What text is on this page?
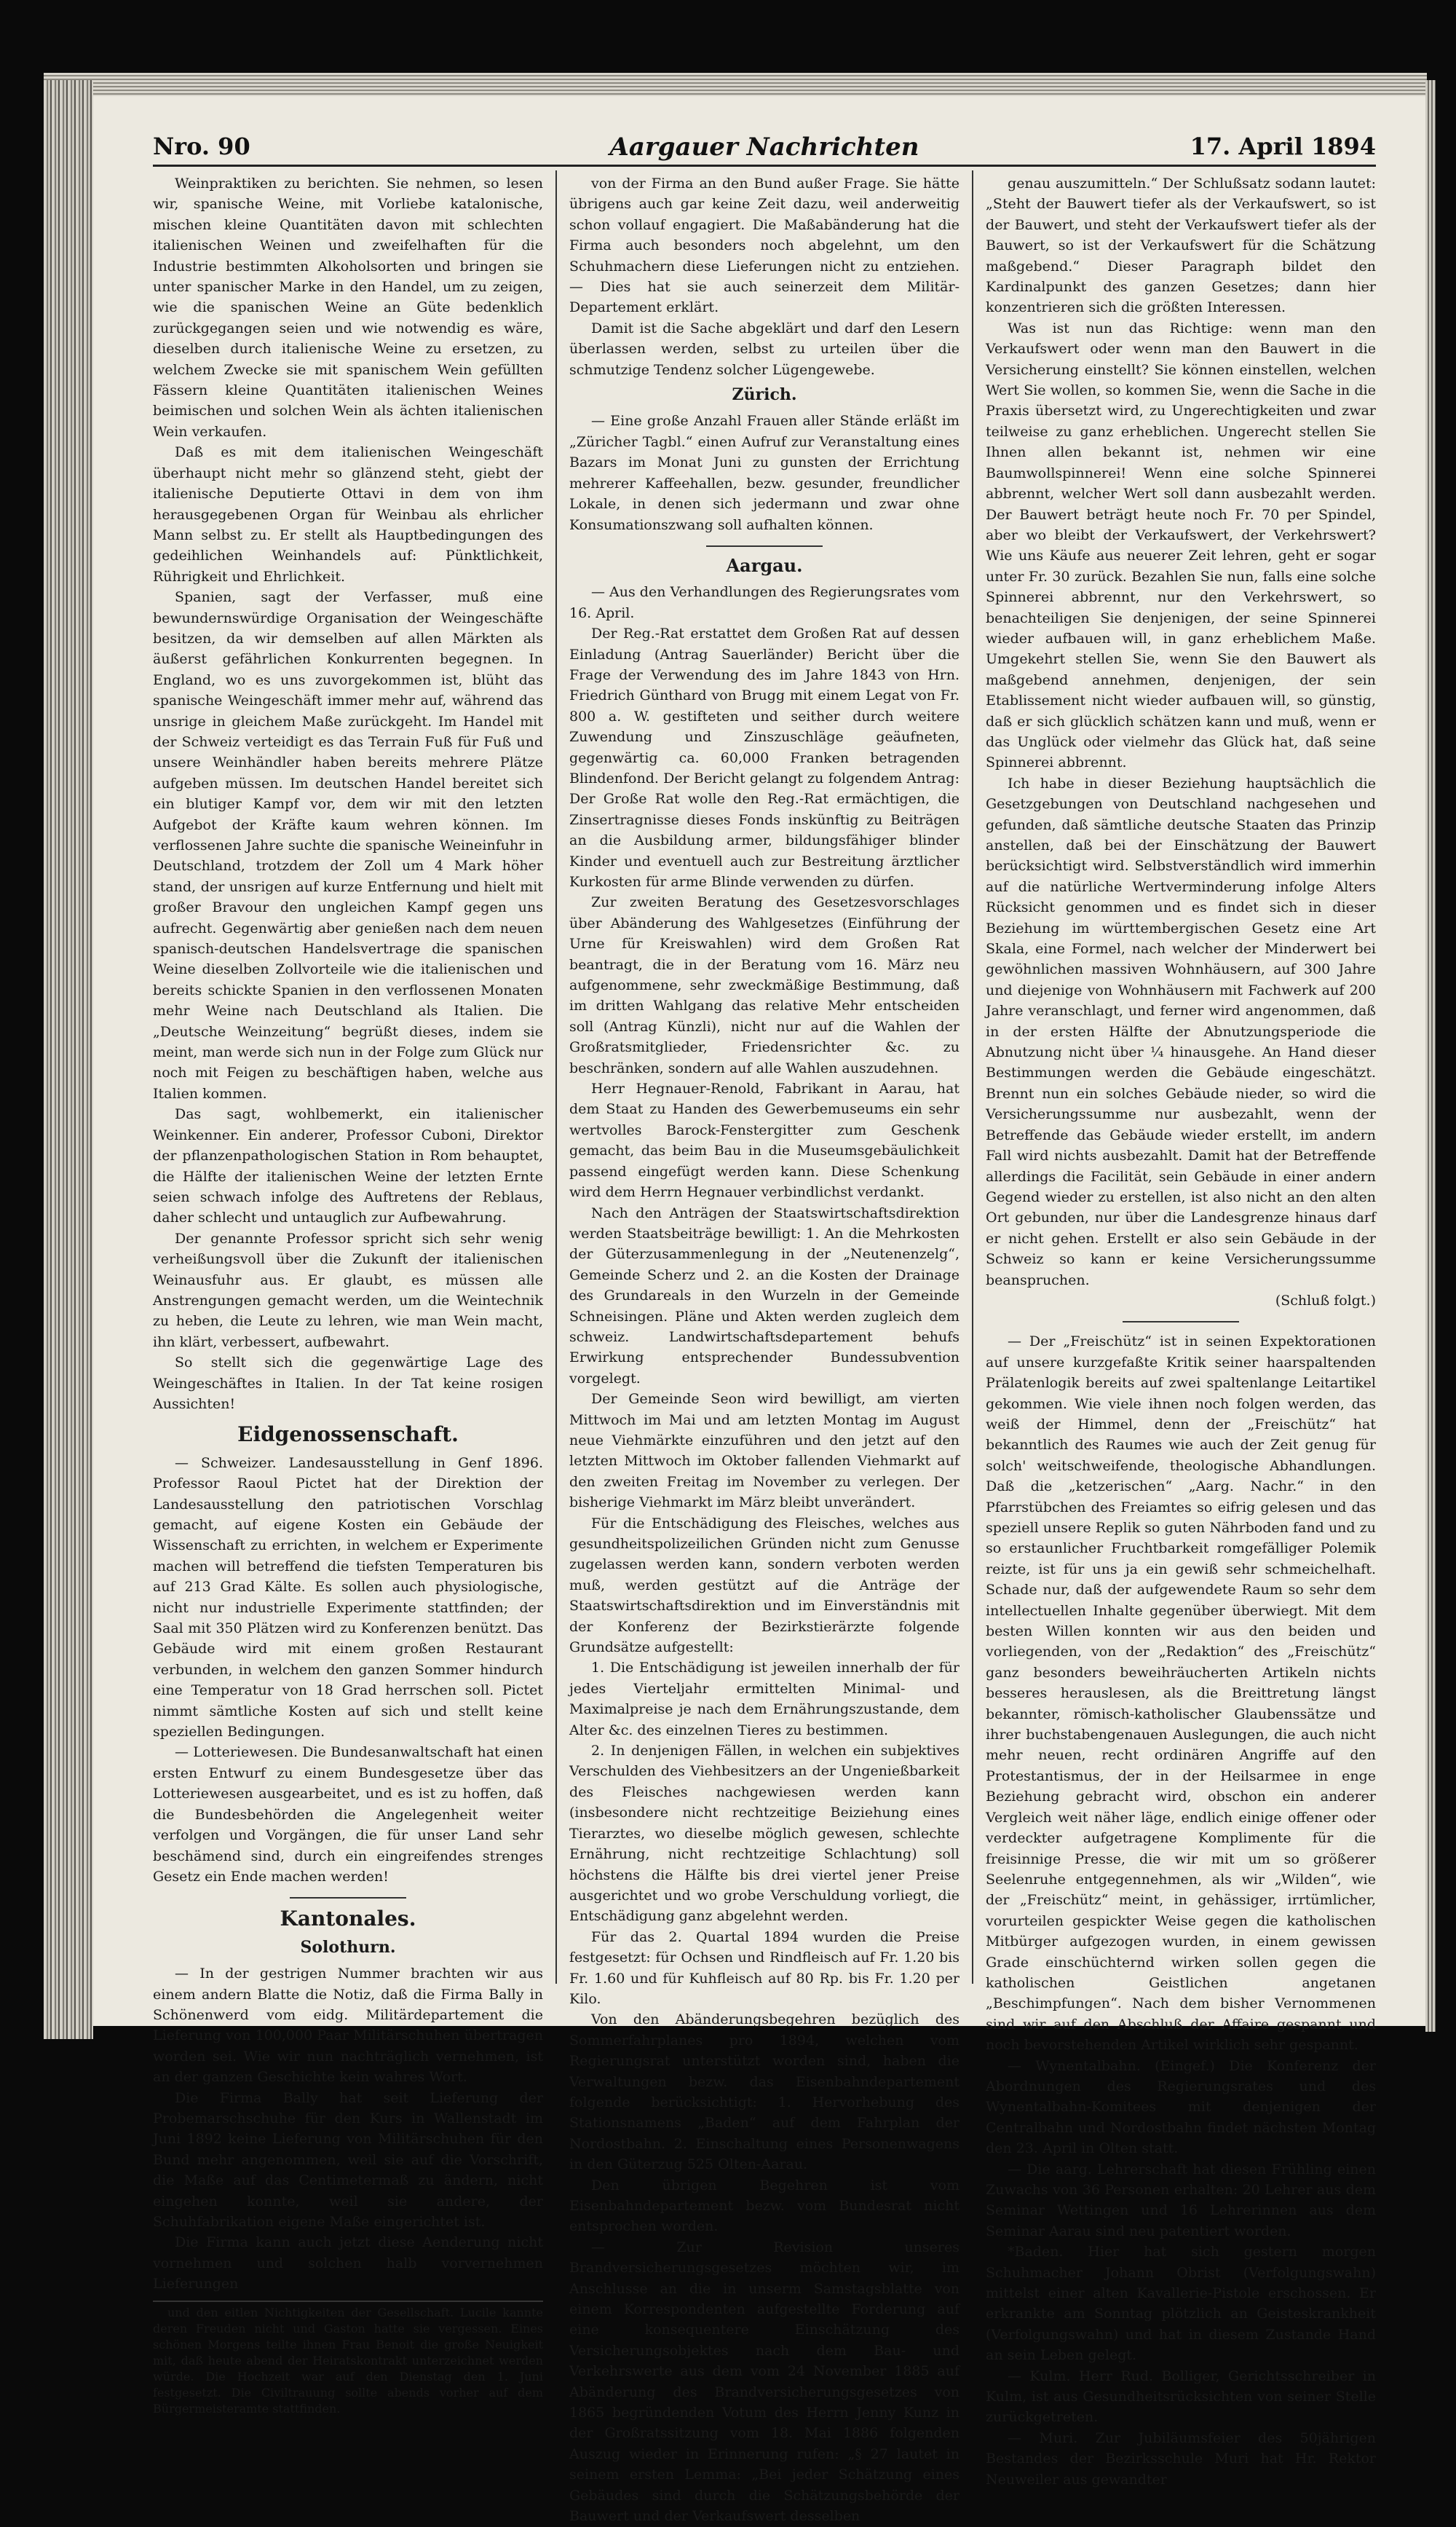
Nro. 90	Aargauer Nachrichten	17. April 1894

Weinpraktiken zu berichten. Sie nehmen, so lesen wir, spanische Weine, mit Vorliebe katalonische, mischen kleine Quantitäten davon mit schlechten italienischen Weinen und zweifelhaften für die Industrie bestimmten Alkoholsorten und bringen sie unter spanischer Marke in den Handel, um zu zeigen, wie die spanischen Weine an Güte bedenklich zurückgegangen seien und wie notwendig es wäre, dieselben durch italienische Weine zu ersetzen, zu welchem Zwecke sie mit spanischem Wein gefüllten Fässern kleine Quantitäten italienischen Weines beimischen und solchen Wein als ächten italienischen Wein verkaufen.

Daß es mit dem italienischen Weingeschäft überhaupt nicht mehr so glänzend steht, giebt der italienische Deputierte Ottavi in dem von ihm herausgegebenen Organ für Weinbau als ehrlicher Mann selbst zu. Er stellt als Hauptbedingungen des gedeihlichen Weinhandels auf: Pünktlichkeit, Rührigkeit und Ehrlichkeit.

Spanien, sagt der Verfasser, muß eine bewundernswürdige Organisation der Weingeschäfte besitzen, da wir demselben auf allen Märkten als äußerst gefährlichen Konkurrenten begegnen. In England, wo es uns zuvorgekommen ist, blüht das spanische Weingeschäft immer mehr auf, während das unsrige in gleichem Maße zurückgeht. Im Handel mit der Schweiz verteidigt es das Terrain Fuß für Fuß und unsere Weinhändler haben bereits mehrere Plätze aufgeben müssen. Im deutschen Handel bereitet sich ein blutiger Kampf vor, dem wir mit den letzten Aufgebot der Kräfte kaum wehren können. Im verflossenen Jahre suchte die spanische Weineinfuhr in Deutschland, trotzdem der Zoll um 4 Mark höher stand, der unsrigen auf kurze Entfernung und hielt mit großer Bravour den ungleichen Kampf gegen uns aufrecht. Gegenwärtig aber genießen nach dem neuen spanisch-deutschen Handelsvertrage die spanischen Weine dieselben Zollvorteile wie die italienischen und bereits schickte Spanien in den verflossenen Monaten mehr Weine nach Deutschland als Italien. Die „Deutsche Weinzeitung“ begrüßt dieses, indem sie meint, man werde sich nun in der Folge zum Glück nur noch mit Feigen zu beschäftigen haben, welche aus Italien kommen.

Das sagt, wohlbemerkt, ein italienischer Weinkenner. Ein anderer, Professor Cuboni, Direktor der pflanzenpathologischen Station in Rom behauptet, die Hälfte der italienischen Weine der letzten Ernte seien schwach infolge des Auftretens der Reblaus, daher schlecht und untauglich zur Aufbewahrung.

Der genannte Professor spricht sich sehr wenig verheißungsvoll über die Zukunft der italienischen Weinausfuhr aus. Er glaubt, es müssen alle Anstrengungen gemacht werden, um die Weintechnik zu heben, die Leute zu lehren, wie man Wein macht, ihn klärt, verbessert, aufbewahrt.

So stellt sich die gegenwärtige Lage des Weingeschäftes in Italien. In der Tat keine rosigen Aussichten!

Eidgenossenschaft.

— Schweizer. Landesausstellung in Genf 1896. Professor Raoul Pictet hat der Direktion der Landesausstellung den patriotischen Vorschlag gemacht, auf eigene Kosten ein Gebäude der Wissenschaft zu errichten, in welchem er Experimente machen will betreffend die tiefsten Temperaturen bis auf 213 Grad Kälte. Es sollen auch physiologische, nicht nur industrielle Experimente stattfinden; der Saal mit 350 Plätzen wird zu Konferenzen benützt. Das Gebäude wird mit einem großen Restaurant verbunden, in welchem den ganzen Sommer hindurch eine Temperatur von 18 Grad herrschen soll. Pictet nimmt sämtliche Kosten auf sich und stellt keine speziellen Bedingungen.

— Lotteriewesen. Die Bundesanwaltschaft hat einen ersten Entwurf zu einem Bundesgesetze über das Lotteriewesen ausgearbeitet, und es ist zu hoffen, daß die Bundesbehörden die Angelegenheit weiter verfolgen und Vorgängen, die für unser Land sehr beschämend sind, durch ein eingreifendes strenges Gesetz ein Ende machen werden!

Kantonales.
Solothurn.

— In der gestrigen Nummer brachten wir aus einem andern Blatte die Notiz, daß die Firma Bally in Schönenwerd vom eidg. Militärdepartement die Lieferung von 100,000 Paar Militärschuhen übertragen worden sei. Wie wir nun nachträglich vernehmen, ist an der ganzen Geschichte kein wahres Wort.

Die Firma Bally hat seit Lieferung der Probemarschschuhe für den Kurs in Wallenstadt im Juni 1892 keine Lieferung von Militärschuhen für den Bund mehr angenommen, weil sie auf die Vorschrift, die Maße auf das Centimetermaß zu ändern, nicht eingehen konnte, weil sie andere, der Schuhfabrikation eigene Maße eingerichtet ist.

Die Firma kann auch jetzt diese Aenderung nicht vornehmen und solchen halb vorvernehmen Lieferungen

und den eitlen Nichtigkeiten der Gesellschaft. Lucile kannte deren Freuden nicht und Gaston hatte sie vergessen. Eines schönen Morgens teilte ihnen Frau Benoit die große Neuigkeit mit, daß heute abend der Heiratskontrakt unterzeichnet werden würde. Die Hochzeit war auf den Dienstag den 1. Juni festgesetzt. Die Civiltrauung sollte abends vorher auf dem Bürgermeisteramte stattfinden.

von der Firma an den Bund außer Frage. Sie hätte übrigens auch gar keine Zeit dazu, weil anderweitig schon vollauf engagiert. Die Maßabänderung hat die Firma auch besonders noch abgelehnt, um den Schuhmachern diese Lieferungen nicht zu entziehen. — Dies hat sie auch seinerzeit dem Militär-Departement erklärt.

Damit ist die Sache abgeklärt und darf den Lesern überlassen werden, selbst zu urteilen über die schmutzige Tendenz solcher Lügengewebe.

Zürich.

— Eine große Anzahl Frauen aller Stände erläßt im „Züricher Tagbl.“ einen Aufruf zur Veranstaltung eines Bazars im Monat Juni zu gunsten der Errichtung mehrerer Kaffeehallen, bezw. gesunder, freundlicher Lokale, in denen sich jedermann und zwar ohne Konsumationszwang soll aufhalten können.

Aargau.

— Aus den Verhandlungen des Regierungsrates vom 16. April.

Der Reg.-Rat erstattet dem Großen Rat auf dessen Einladung (Antrag Sauerländer) Bericht über die Frage der Verwendung des im Jahre 1843 von Hrn. Friedrich Günthard von Brugg mit einem Legat von Fr. 800 a. W. gestifteten und seither durch weitere Zuwendung und Zinszuschläge geäufneten, gegenwärtig ca. 60,000 Franken betragenden Blindenfond. Der Bericht gelangt zu folgendem Antrag: Der Große Rat wolle den Reg.-Rat ermächtigen, die Zinsertragnisse dieses Fonds inskünftig zu Beiträgen an die Ausbildung armer, bildungsfähiger blinder Kinder und eventuell auch zur Bestreitung ärztlicher Kurkosten für arme Blinde verwenden zu dürfen.

Zur zweiten Beratung des Gesetzesvorschlages über Abänderung des Wahlgesetzes (Einführung der Urne für Kreiswahlen) wird dem Großen Rat beantragt, die in der Beratung vom 16. März neu aufgenommene, sehr zweckmäßige Bestimmung, daß im dritten Wahlgang das relative Mehr entscheiden soll (Antrag Künzli), nicht nur auf die Wahlen der Großratsmitglieder, Friedensrichter &c. zu beschränken, sondern auf alle Wahlen auszudehnen.

Herr Hegnauer-Renold, Fabrikant in Aarau, hat dem Staat zu Handen des Gewerbemuseums ein sehr wertvolles Barock-Fenstergitter zum Geschenk gemacht, das beim Bau in die Museumsgebäulichkeit passend eingefügt werden kann. Diese Schenkung wird dem Herrn Hegnauer verbindlichst verdankt.

Nach den Anträgen der Staatswirtschaftsdirektion werden Staatsbeiträge bewilligt: 1. An die Mehrkosten der Güterzusammenlegung in der „Neutenenzelg“, Gemeinde Scherz und 2. an die Kosten der Drainage des Grundareals in den Wurzeln in der Gemeinde Schneisingen. Pläne und Akten werden zugleich dem schweiz. Landwirtschaftsdepartement behufs Erwirkung entsprechender Bundessubvention vorgelegt.

Der Gemeinde Seon wird bewilligt, am vierten Mittwoch im Mai und am letzten Montag im August neue Viehmärkte einzuführen und den jetzt auf den letzten Mittwoch im Oktober fallenden Viehmarkt auf den zweiten Freitag im November zu verlegen. Der bisherige Viehmarkt im März bleibt unverändert.

Für die Entschädigung des Fleisches, welches aus gesundheitspolizeilichen Gründen nicht zum Genusse zugelassen werden kann, sondern verboten werden muß, werden gestützt auf die Anträge der Staatswirtschaftsdirektion und im Einverständnis mit der Konferenz der Bezirkstierärzte folgende Grundsätze aufgestellt:

1. Die Entschädigung ist jeweilen innerhalb der für jedes Vierteljahr ermittelten Minimal- und Maximalpreise je nach dem Ernährungszustande, dem Alter &c. des einzelnen Tieres zu bestimmen.

2. In denjenigen Fällen, in welchen ein subjektives Verschulden des Viehbesitzers an der Ungenießbarkeit des Fleisches nachgewiesen werden kann (insbesondere nicht rechtzeitige Beiziehung eines Tierarztes, wo dieselbe möglich gewesen, schlechte Ernährung, nicht rechtzeitige Schlachtung) soll höchstens die Hälfte bis drei viertel jener Preise ausgerichtet und wo grobe Verschuldung vorliegt, die Entschädigung ganz abgelehnt werden.

Für das 2. Quartal 1894 wurden die Preise festgesetzt: für Ochsen und Rindfleisch auf Fr. 1.20 bis Fr. 1.60 und für Kuhfleisch auf 80 Rp. bis Fr. 1.20 per Kilo.

Von den Abänderungsbegehren bezüglich des Sommerfahrplanes pro 1894, welchen vom Regierungsrat unterstützt worden sind, haben die Verwaltungen bezw. das Eisenbahndepartement folgende berücksichtigt: 1. Hervorhebung des Stationsnamens „Baden“ auf dem Fahrplan der Nordostbahn. 2. Einschaltung eines Personenwagens in den Güterzug 525 Olten-Aarau.

Den übrigen Begehren ist vom Eisenbahndepartement bezw. vom Bundesrat nicht entsprochen worden.

— Zur Revision unseres Brandversicherungsgesetzes möchten wir, im Anschlusse an die in unserm Samstagsblatte von einem Korrespondenten aufgestellte Forderung auf eine konsequentere Einschätzung des Versicherungsobjektes nach dem Bau- und Verkehrswerte aus dem vom 24 November 1885 auf Abänderung des Brandversicherungsgesetzes von 1865 begründenden Votum des Herrn Jenny Kunz in der Großratssitzung vom 18. Mai 1886 folgenden Auszug wieder in Erinnerung rufen: „§ 27 lautet in seinem ersten Lemma: „Bei jeder Schätzung eines Gebäudes sind durch die Schätzungsbehörde der Bauwert und der Verkaufswert desselben

genau auszumitteln.“ Der Schlußsatz sodann lautet: „Steht der Bauwert tiefer als der Verkaufswert, so ist der Bauwert, und steht der Verkaufswert tiefer als der Bauwert, so ist der Verkaufswert für die Schätzung maßgebend.“ Dieser Paragraph bildet den Kardinalpunkt des ganzen Gesetzes; dann hier konzentrieren sich die größten Interessen.

Was ist nun das Richtige: wenn man den Verkaufswert oder wenn man den Bauwert in die Versicherung einstellt? Sie können einstellen, welchen Wert Sie wollen, so kommen Sie, wenn die Sache in die Praxis übersetzt wird, zu Ungerechtigkeiten und zwar teilweise zu ganz erheblichen. Ungerecht stellen Sie Ihnen allen bekannt ist, nehmen wir eine Baumwollspinnerei! Wenn eine solche Spinnerei abbrennt, welcher Wert soll dann ausbezahlt werden. Der Bauwert beträgt heute noch Fr. 70 per Spindel, aber wo bleibt der Verkaufswert, der Verkehrswert? Wie uns Käufe aus neuerer Zeit lehren, geht er sogar unter Fr. 30 zurück. Bezahlen Sie nun, falls eine solche Spinnerei abbrennt, nur den Verkehrswert, so benachteiligen Sie denjenigen, der seine Spinnerei wieder aufbauen will, in ganz erheblichem Maße. Umgekehrt stellen Sie, wenn Sie den Bauwert als maßgebend annehmen, denjenigen, der sein Etablissement nicht wieder aufbauen will, so günstig, daß er sich glücklich schätzen kann und muß, wenn er das Unglück oder vielmehr das Glück hat, daß seine Spinnerei abbrennt.

Ich habe in dieser Beziehung hauptsächlich die Gesetzgebungen von Deutschland nachgesehen und gefunden, daß sämtliche deutsche Staaten das Prinzip anstellen, daß bei der Einschätzung der Bauwert berücksichtigt wird. Selbstverständlich wird immerhin auf die natürliche Wertverminderung infolge Alters Rücksicht genommen und es findet sich in dieser Beziehung im württembergischen Gesetz eine Art Skala, eine Formel, nach welcher der Minderwert bei gewöhnlichen massiven Wohnhäusern, auf 300 Jahre und diejenige von Wohnhäusern mit Fachwerk auf 200 Jahre veranschlagt, und ferner wird angenommen, daß in der ersten Hälfte der Abnutzungsperiode die Abnutzung nicht über ¼ hinausgehe. An Hand dieser Bestimmungen werden die Gebäude eingeschätzt. Brennt nun ein solches Gebäude nieder, so wird die Versicherungssumme nur ausbezahlt, wenn der Betreffende das Gebäude wieder erstellt, im andern Fall wird nichts ausbezahlt. Damit hat der Betreffende allerdings die Facilität, sein Gebäude in einer andern Gegend wieder zu erstellen, ist also nicht an den alten Ort gebunden, nur über die Landesgrenze hinaus darf er nicht gehen. Erstellt er also sein Gebäude in der Schweiz so kann er keine Versicherungssumme beanspruchen.

(Schluß folgt.)

— Der „Freischütz“ ist in seinen Expektorationen auf unsere kurzgefaßte Kritik seiner haarspaltenden Prälatenlogik bereits auf zwei spaltenlange Leitartikel gekommen. Wie viele ihnen noch folgen werden, das weiß der Himmel, denn der „Freischütz“ hat bekanntlich des Raumes wie auch der Zeit genug für solch' weitschweifende, theologische Abhandlungen. Daß die „ketzerischen“ „Aarg. Nachr.“ in den Pfarrstübchen des Freiamtes so eifrig gelesen und das speziell unsere Replik so guten Nährboden fand und zu so erstaunlicher Fruchtbarkeit romgefälliger Polemik reizte, ist für uns ja ein gewiß sehr schmeichelhaft. Schade nur, daß der aufgewendete Raum so sehr dem intellectuellen Inhalte gegenüber überwiegt. Mit dem besten Willen konnten wir aus den beiden und vorliegenden, von der „Redaktion“ des „Freischütz“ ganz besonders beweihräucherten Artikeln nichts besseres herauslesen, als die Breittretung längst bekannter, römisch-katholischer Glaubenssätze und ihrer buchstabengenauen Auslegungen, die auch nicht mehr neuen, recht ordinären Angriffe auf den Protestantismus, der in der Heilsarmee in enge Beziehung gebracht wird, obschon ein anderer Vergleich weit näher läge, endlich einige offener oder verdeckter aufgetragene Komplimente für die freisinnige Presse, die wir mit um so größerer Seelenruhe entgegennehmen, als wir „Wilden“, wie der „Freischütz“ meint, in gehässiger, irrtümlicher, vorurteilen gespickter Weise gegen die katholischen Mitbürger aufgezogen wurden, in einem gewissen Grade einschüchternd wirken sollen gegen die katholischen Geistlichen angetanen „Beschimpfungen“. Nach dem bisher Vernommenen sind wir auf den Abschluß der Affaire gespannt und noch bevorstehenden Artikel wirklich sehr gespannt.

— Wynentalbahn. (Eingef.) Die Konferenz der Abordnungen des Regierungsrates und des Wynentalbahn-Komitees mit denjenigen der Centralbahn und Nordostbahn findet nächsten Montag den 23. April in Olten statt.

— Die aarg. Lehrerschaft hat diesen Frühling einen Zuwachs von 36 Personen erhalten: 20 Lehrer aus dem Seminar Wettingen und 16 Lehrerinnen aus dem Seminar Aarau sind neu patentiert worden.

*Baden. Hier hat sich gestern morgen Schuhmacher Johann Obrist (Verfolgungswahn) mittelst einer alten Kavallerie-Pistole erschossen. Er erkrankte am Sonntag plötzlich an Geisteskrankheit (Verfolgungswahn) und hat in diesem Zustande Hand an sein Leben gelegt.

— Kulm. Herr Rud. Bolliger, Gerichtsschreiber in Kulm, ist aus Gesundheitsrücksichten von seiner Stelle zurückgetreten.

— Muri. Zur Jubiläumsfeier des 50jährigen Bestandes der Bezirksschule Muri hat Hr. Rektor Neuweiler aus gewandter
